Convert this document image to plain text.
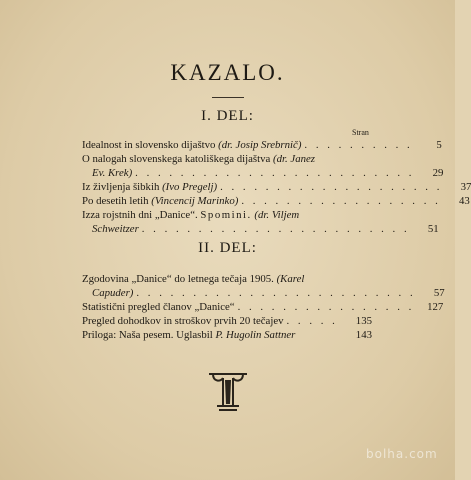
KAZALO.
I. DEL:
Stran
Idealnost in slovensko dijaštvo (dr. Josip Srebrnič) . . . . . . . . . .	5
O nalogah slovenskega katoliškega dijaštva (dr. Janez
Ev. Krek) . . . . . . . . . . . . . . . . . . . . . . . . .	29
Iz življenja šibkih (Ivo Pregelj) . . . . . . . . . . . . . . . . . . . .	37
Po desetih letih (Vincencij Marinko) . . . . . . . . . . . . . . . . . .	43
Izza rojstnih dni „Danice“. Spomini. (dr. Viljem
Schweitzer . . . . . . . . . . . . . . . . . . . . . . . .	51
II. DEL:
Zgodovina „Danice“ do letnega tečaja 1905. (Karel
Capuder) . . . . . . . . . . . . . . . . . . . . . . . . .	57
Statistični pregled članov „Danice“ . . . . . . . . . . . . . . . .	127
Pregled dohodkov in stroškov prvih 20 tečajev . . . . .	135
Priloga: Naša pesem. Uglasbil P. Hugolin Sattner	143
bolha.com
